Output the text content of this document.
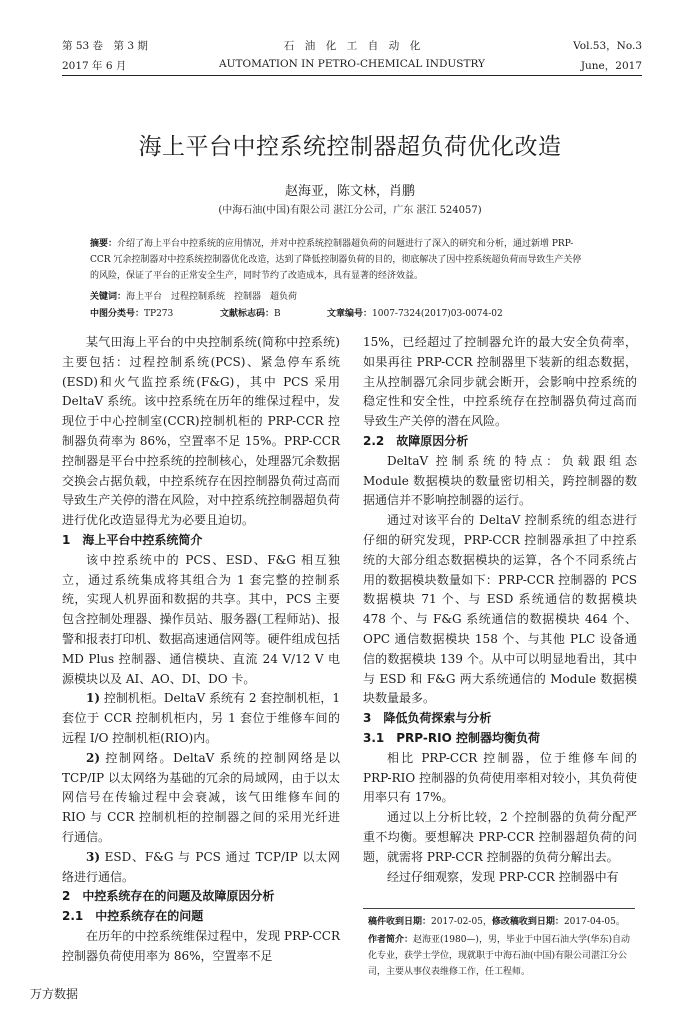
第 53 卷　第 3 期	石　油　化　工　自　动　化	Vol.53，No.3
2017 年 6 月	AUTOMATION IN PETRO-CHEMICAL INDUSTRY	June，2017
海上平台中控系统控制器超负荷优化改造
赵海亚，陈文林，肖鹏
(中海石油(中国)有限公司 湛江分公司，广东 湛江 524057)
摘要：介绍了海上平台中控系统的应用情况，并对中控系统控制器超负荷的问题进行了深入的研究和分析，通过新增 PRP-
CCR 冗余控制器对中控系统控制器优化改造，达到了降低控制器负荷的目的，彻底解决了因中控系统超负荷而导致生产关停
的风险，保证了平台的正常安全生产，同时节约了改造成本，具有显著的经济效益。
关键词：海上平台　过程控制系统　控制器　超负荷
中图分类号：TP273	文献标志码：B	文章编号：1007-7324(2017)03-0074-02

某气田海上平台的中央控制系统(简称中控系统)主要包括：过程控制系统(PCS)、紧急停车系统(ESD)和火气监控系统(F&G)，其中 PCS 采用 DeltaV 系统。该中控系统在历年的维保过程中，发现位于中心控制室(CCR)控制机柜的 PRP-CCR 控制器负荷率为 86%，空置率不足 15%。PRP-CCR 控制器是平台中控系统的控制核心，处理器冗余数据交换会占据负载，中控系统存在因控制器负荷过高而导致生产关停的潜在风险，对中控系统控制器超负荷进行优化改造显得尤为必要且迫切。

1　海上平台中控系统简介

该中控系统中的 PCS、ESD、F&G 相互独立，通过系统集成将其组合为 1 套完整的控制系统，实现人机界面和数据的共享。其中，PCS 主要包含控制处理器、操作员站、服务器(工程师站)、报警和报表打印机、数据高速通信网等。硬件组成包括 MD Plus 控制器、通信模块、直流 24 V/12 V 电源模块以及 AI、AO、DI、DO 卡。

1) 控制机柜。DeltaV 系统有 2 套控制机柜，1 套位于 CCR 控制机柜内，另 1 套位于维修车间的远程 I/O 控制机柜(RIO)内。

2) 控制网络。DeltaV 系统的控制网络是以 TCP/IP 以太网络为基础的冗余的局域网，由于以太网信号在传输过程中会衰减，该气田维修车间的 RIO 与 CCR 控制机柜的控制器之间的采用光纤进行通信。

3) ESD、F&G 与 PCS 通过 TCP/IP 以太网络进行通信。

2　中控系统存在的问题及故障原因分析
2.1　中控系统存在的问题

在历年的中控系统维保过程中，发现 PRP-CCR 控制器负荷使用率为 86%，空置率不足

15%，已经超过了控制器允许的最大安全负荷率，如果再往 PRP-CCR 控制器里下装新的组态数据，主从控制器冗余同步就会断开，会影响中控系统的稳定性和安全性，中控系统存在控制器负荷过高而导致生产关停的潜在风险。

2.2　故障原因分析

DeltaV 控制系统的特点：负载跟组态 Module 数据模块的数量密切相关，跨控制器的数据通信并不影响控制器的运行。

通过对该平台的 DeltaV 控制系统的组态进行仔细的研究发现，PRP-CCR 控制器承担了中控系统的大部分组态数据模块的运算，各个不同系统占用的数据模块数量如下：PRP-CCR 控制器的 PCS 数据模块 71 个、与 ESD 系统通信的数据模块 478 个、与 F&G 系统通信的数据模块 464 个、OPC 通信数据模块 158 个、与其他 PLC 设备通信的数据模块 139 个。从中可以明显地看出，其中与 ESD 和 F&G 两大系统通信的 Module 数据模块数量最多。

3　降低负荷探索与分析
3.1　PRP-RIO 控制器均衡负荷

相比 PRP-CCR 控制器，位于维修车间的 PRP-RIO 控制器的负荷使用率相对较小，其负荷使用率只有 17%。

通过以上分析比较，2 个控制器的负荷分配严重不均衡。要想解决 PRP-CCR 控制器超负荷的问题，就需将 PRP-CCR 控制器的负荷分解出去。

经过仔细观察，发现 PRP-CCR 控制器中有

稿件收到日期：2017-02-05，修改稿收到日期：2017-04-05。
作者简介：赵海亚(1980—)，男，毕业于中国石油大学(华东)自动化专业，获学士学位，现就职于中海石油(中国)有限公司湛江分公司，主要从事仪表维修工作，任工程师。
万方数据
